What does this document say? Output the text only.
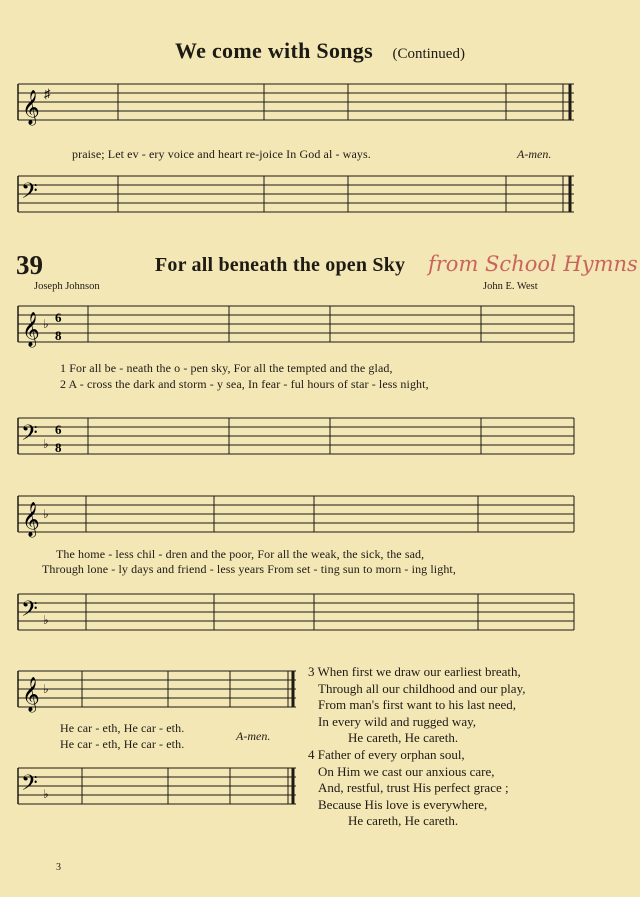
We come with Songs (Continued)
𝄞 ♯
praise; Let ev - ery voice and heart re-joice In God al - ways.	A-men.
𝄢
39	For all beneath the open Sky from School Hymns
Joseph Johnson	John E. West
𝄞 ♭ 6
8
1 For all be - neath the o - pen sky, For all the tempted and the glad,
2 A - cross the dark and storm - y sea, In fear - ful hours of star - less night,
𝄢 ♭
6
8
𝄞 ♭
The home - less chil - dren and the poor, For all the weak, the sick, the sad,
Through lone - ly days and friend - less years From set - ting sun to morn - ing light,
𝄢 ♭
𝄞 ♭
He car - eth, He car - eth.
He car - eth, He car - eth.
A-men.
𝄢 ♭
3 When first we draw our earliest breath,
Through all our childhood and our play,
From man's first want to his last need,
In every wild and rugged way,
He careth, He careth.
4 Father of every orphan soul,
On Him we cast our anxious care,
And, restful, trust His perfect grace ;
Because His love is everywhere,
He careth, He careth.
3
